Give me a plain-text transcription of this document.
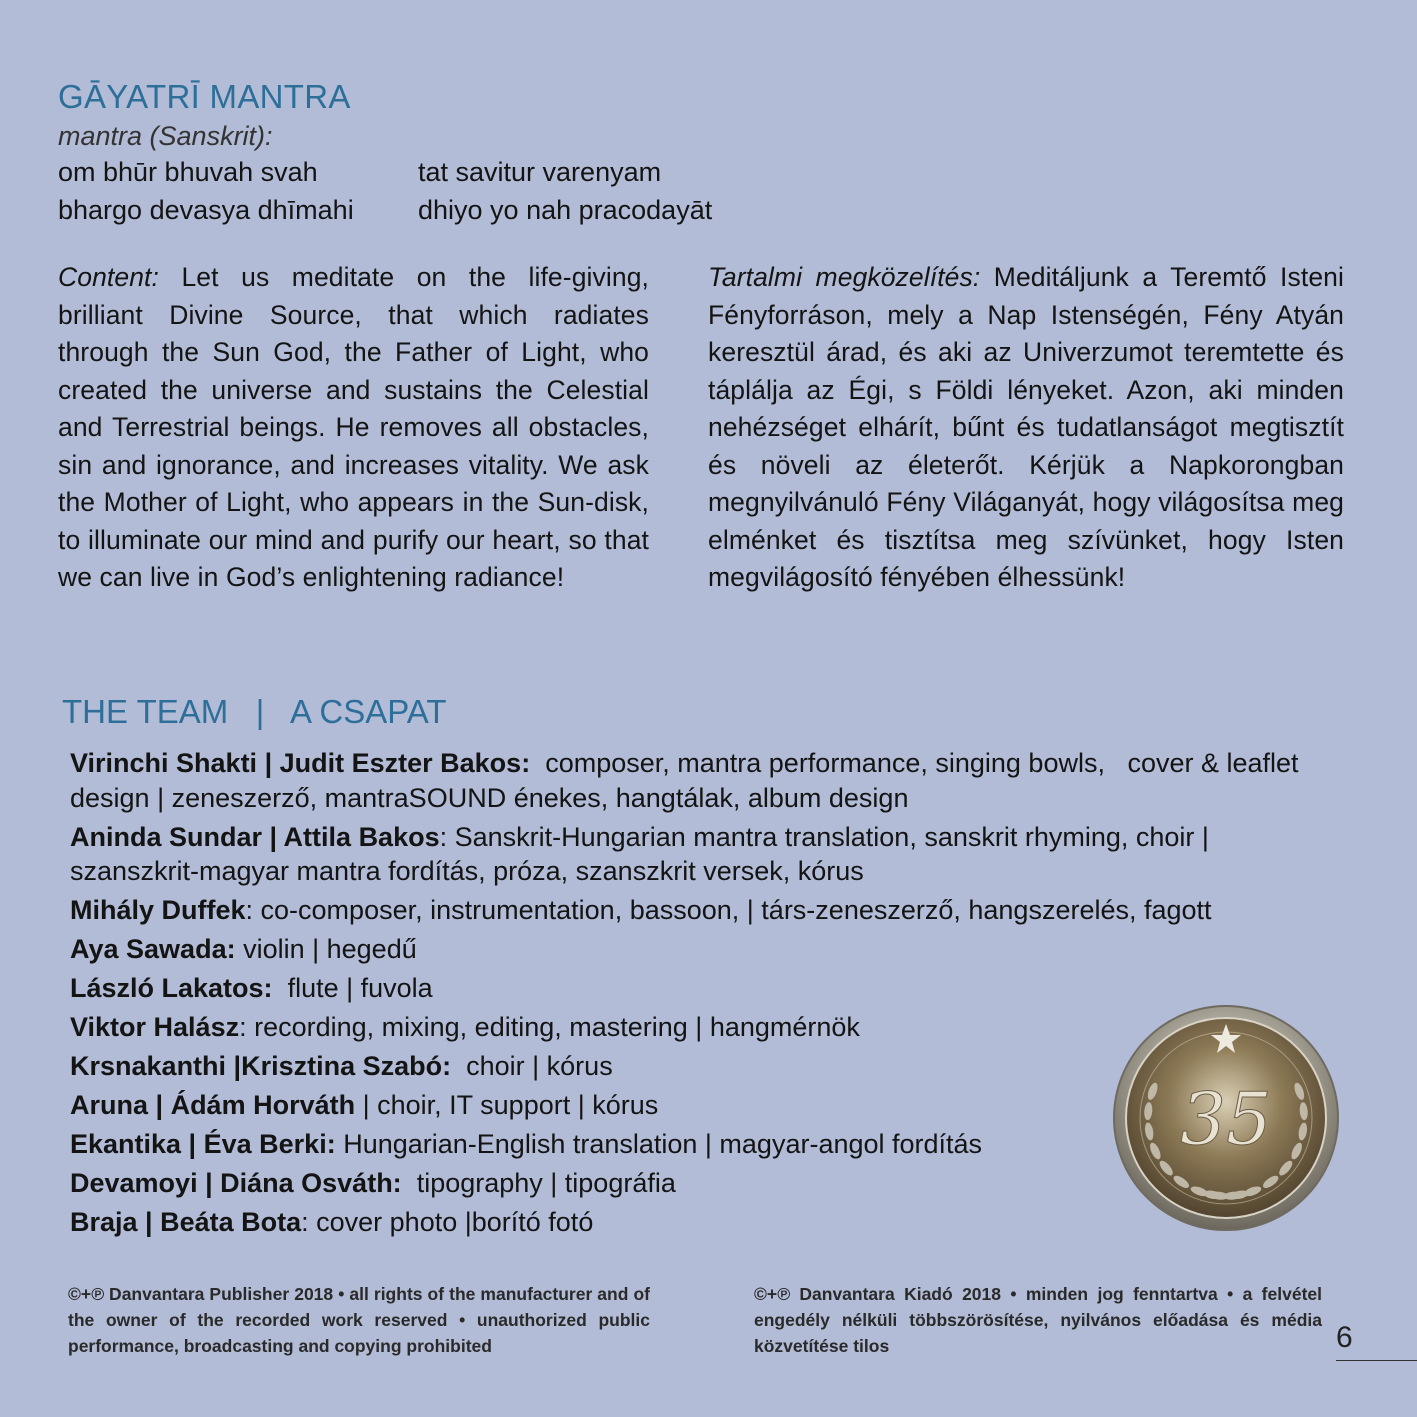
GĀYATRĪ MANTRA
mantra (Sanskrit):
om bhūr bhuvah svah	tat savitur varenyam
bhargo devasya dhīmahi dhiyo yo nah pracodayāt
Content: Let us meditate on the life-giving, brilliant Divine Source, that which radiates through the Sun God, the Father of Light, who created the universe and sustains the Celestial and Terrestrial beings. He removes all obstacles, sin and ignorance, and increases vitality. We ask the Mother of Light, who appears in the Sun-disk, to illuminate our mind and purify our heart, so that we can live in God’s enlightening radiance!
Tartalmi megközelítés: Meditáljunk a Teremtő Isteni Fényforráson, mely a Nap Istenségén, Fény Atyán keresztül árad, és aki az Univerzumot teremtette és táplálja az Égi, s Földi lényeket. Azon, aki minden nehézséget elhárít, bűnt és tudatlanságot megtisztít és növeli az életerőt. Kérjük a Napkorongban megnyilvánuló Fény Világanyát, hogy világosítsa meg elménket és tisztítsa meg szívünket, hogy Isten megvilágosító fényében élhessünk!
THE TEAM   |   A CSAPAT
Virinchi Shakti | Judit Eszter Bakos:  composer, mantra performance, singing bowls,   cover & leaflet design | zeneszerző, mantraSOUND énekes, hangtálak, album design
Aninda Sundar | Attila Bakos: Sanskrit-Hungarian mantra translation, sanskrit rhyming, choir | szanszkrit-magyar mantra fordítás, próza, szanszkrit versek, kórus
Mihály Duffek: co-composer, instrumentation, bassoon, | társ-zeneszerző, hangszerelés, fagott
Aya Sawada: violin | hegedű
László Lakatos:  flute | fuvola
Viktor Halász: recording, mixing, editing, mastering | hangmérnök
Krsnakanthi |Krisztina Szabó:  choir | kórus
Aruna | Ádám Horváth | choir, IT support | kórus
Ekantika | Éva Berki: Hungarian-English translation | magyar-angol fordítás
Devamoyi | Diána Osváth:  tipography | tipográfia
Braja | Beáta Bota: cover photo |borító fotó
35
©+℗ Danvantara Publisher 2018 • all rights of the manufacturer and of the owner of the recorded work reserved • unauthorized public performance, broadcasting and copying prohibited
©+℗ Danvantara Kiadó 2018 • minden jog fenntartva • a felvétel engedély nélküli többszörösítése, nyilvános előadása és média közvetítése tilos	6
